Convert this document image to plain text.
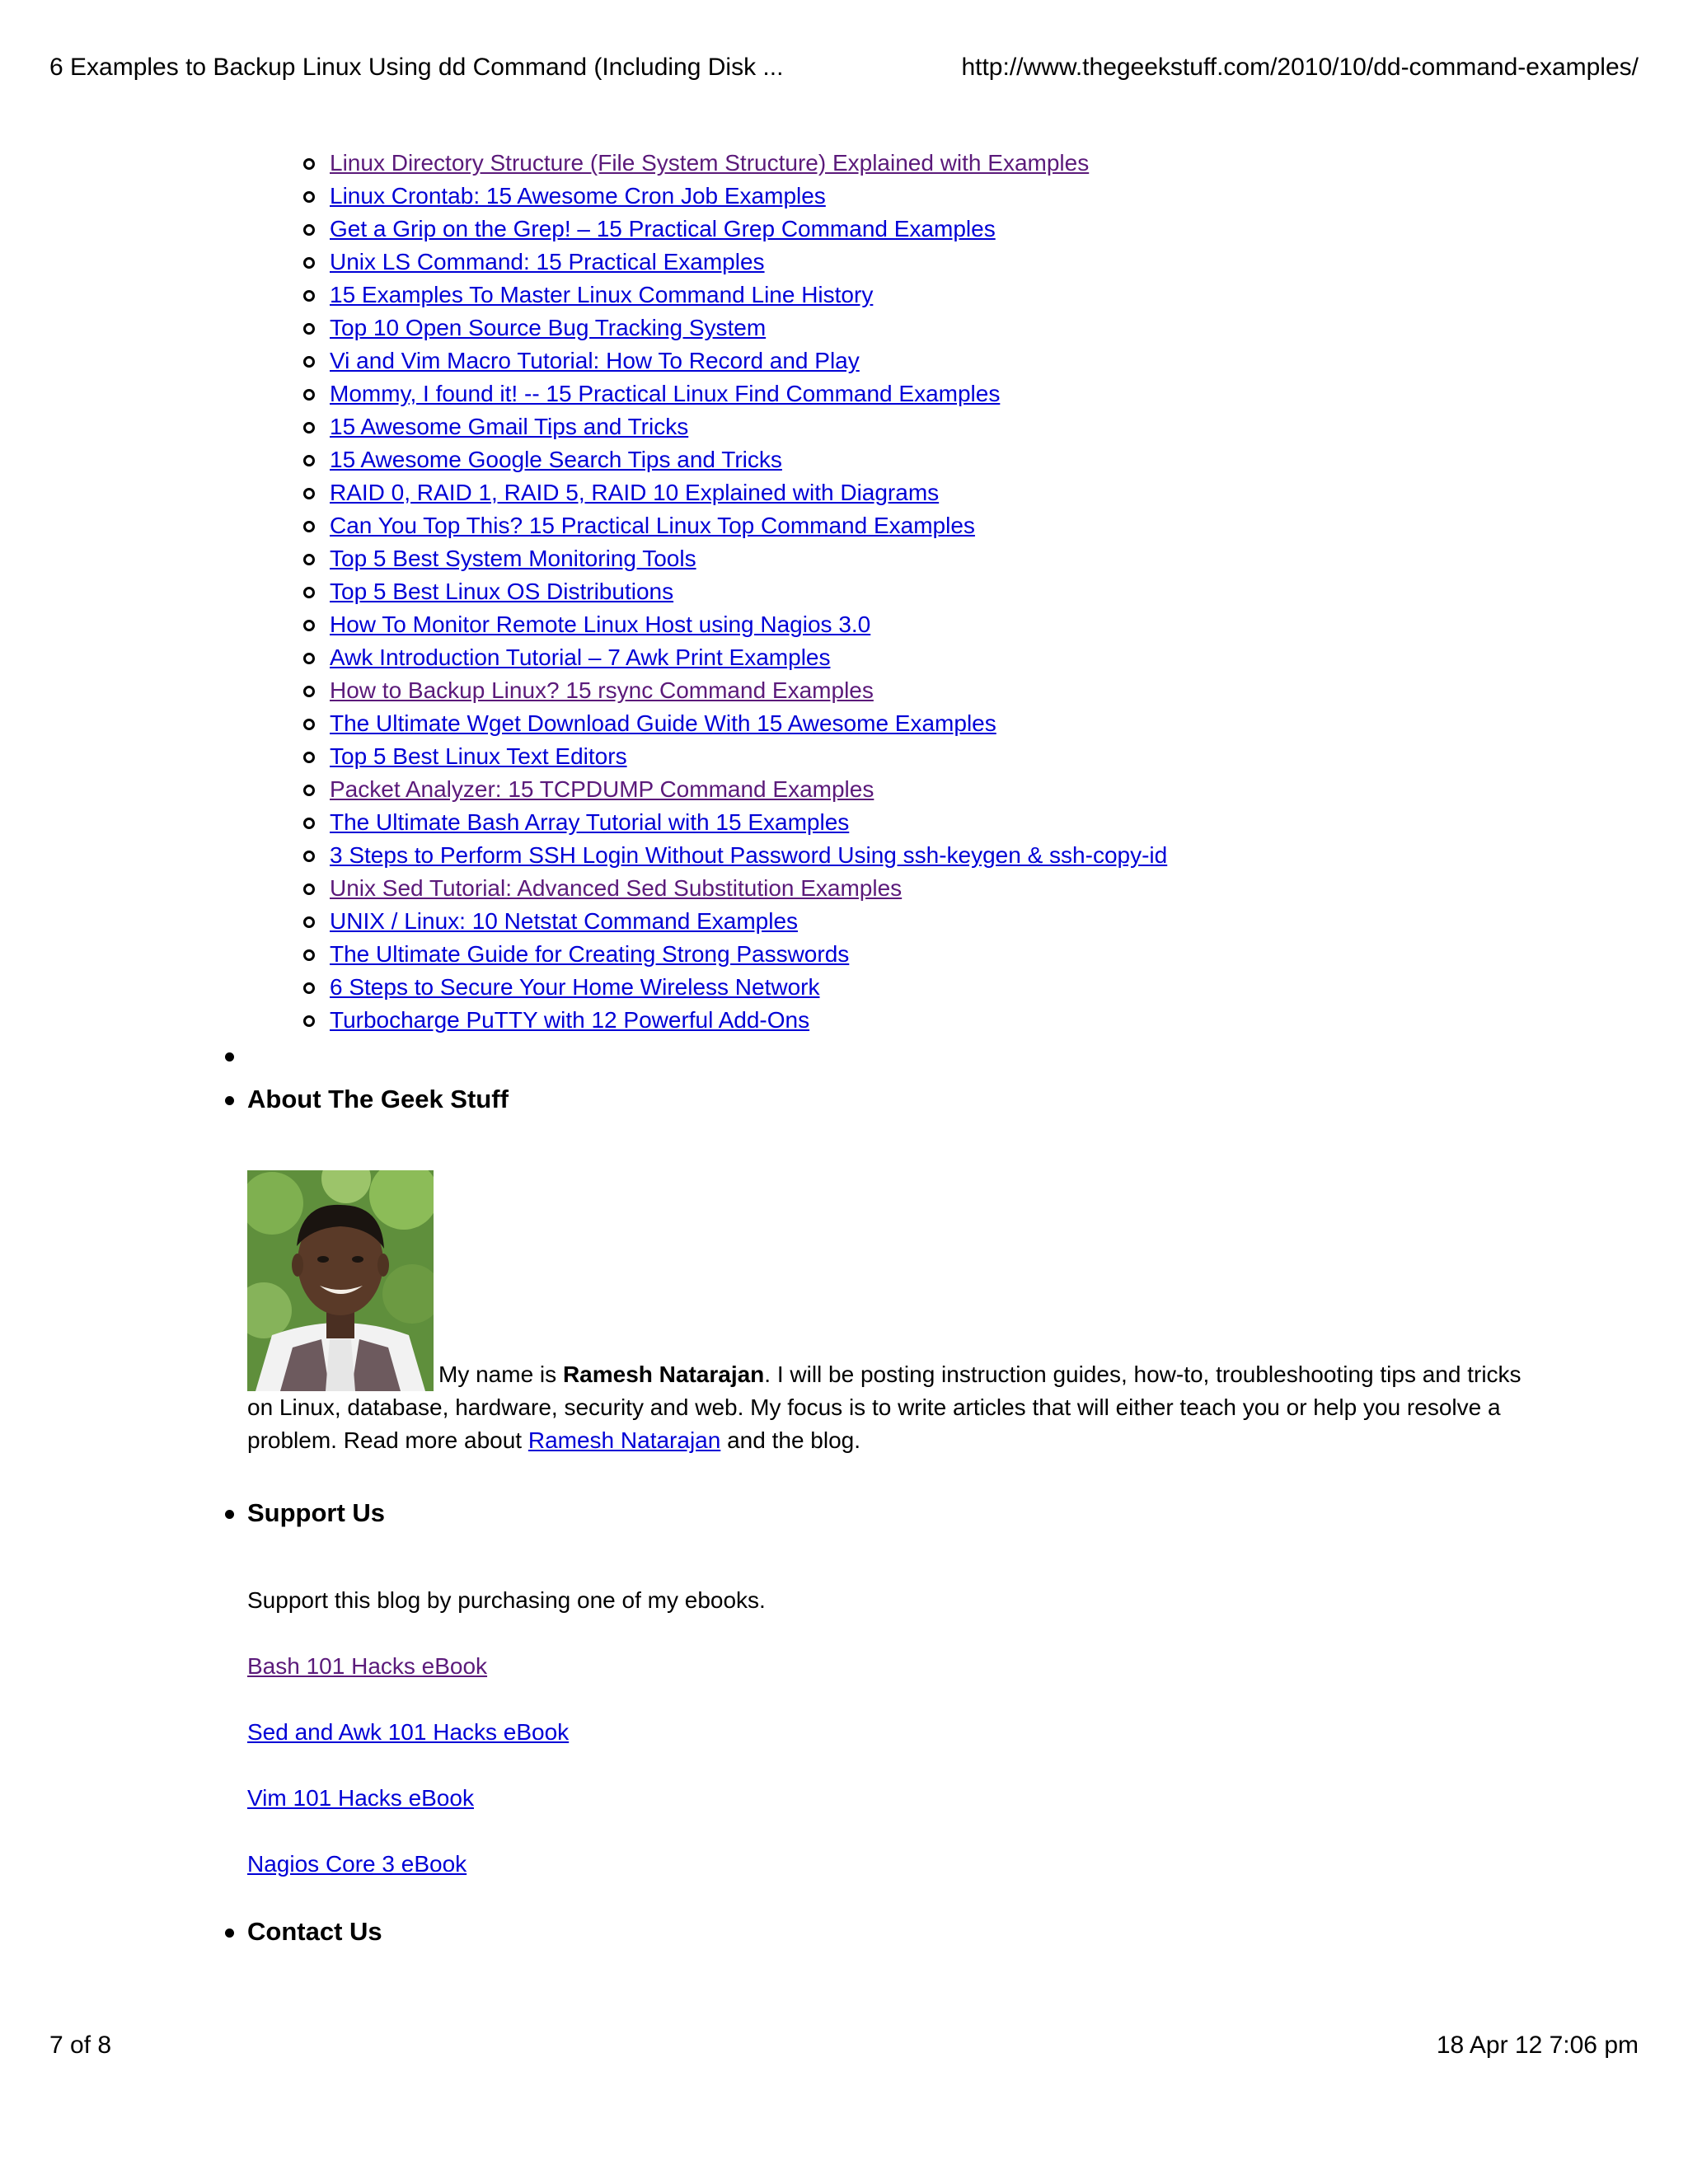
6 Examples to Backup Linux Using dd Command (Including Disk ...	http://www.thegeekstuff.com/2010/10/dd-command-examples/
Linux Directory Structure (File System Structure) Explained with Examples
Linux Crontab: 15 Awesome Cron Job Examples
Get a Grip on the Grep! – 15 Practical Grep Command Examples
Unix LS Command: 15 Practical Examples
15 Examples To Master Linux Command Line History
Top 10 Open Source Bug Tracking System
Vi and Vim Macro Tutorial: How To Record and Play
Mommy, I found it! -- 15 Practical Linux Find Command Examples
15 Awesome Gmail Tips and Tricks
15 Awesome Google Search Tips and Tricks
RAID 0, RAID 1, RAID 5, RAID 10 Explained with Diagrams
Can You Top This? 15 Practical Linux Top Command Examples
Top 5 Best System Monitoring Tools
Top 5 Best Linux OS Distributions
How To Monitor Remote Linux Host using Nagios 3.0
Awk Introduction Tutorial – 7 Awk Print Examples
How to Backup Linux? 15 rsync Command Examples
The Ultimate Wget Download Guide With 15 Awesome Examples
Top 5 Best Linux Text Editors
Packet Analyzer: 15 TCPDUMP Command Examples
The Ultimate Bash Array Tutorial with 15 Examples
3 Steps to Perform SSH Login Without Password Using ssh-keygen & ssh-copy-id
Unix Sed Tutorial: Advanced Sed Substitution Examples
UNIX / Linux: 10 Netstat Command Examples
The Ultimate Guide for Creating Strong Passwords
6 Steps to Secure Your Home Wireless Network
Turbocharge PuTTY with 12 Powerful Add-Ons
About The Geek Stuff
My name is Ramesh Natarajan. I will be posting instruction guides, how-to, troubleshooting tips and tricks on Linux, database, hardware, security and web. My focus is to write articles that will either teach you or help you resolve a problem. Read more about Ramesh Natarajan and the blog.
Support Us
Support this blog by purchasing one of my ebooks.
Bash 101 Hacks eBook
Sed and Awk 101 Hacks eBook
Vim 101 Hacks eBook
Nagios Core 3 eBook
Contact Us
7 of 8	18 Apr 12 7:06 pm
